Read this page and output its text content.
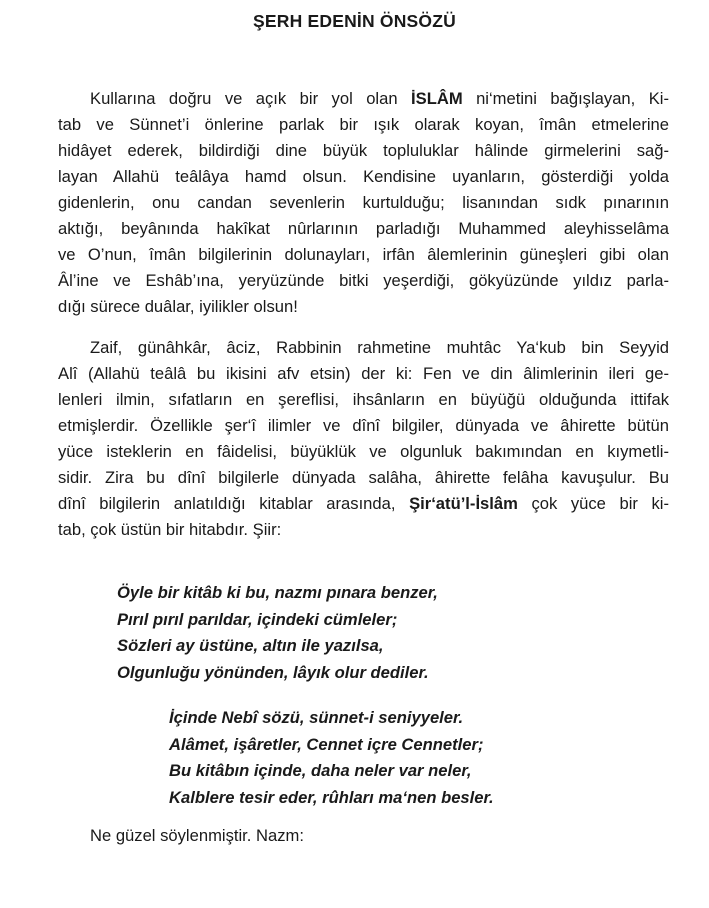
ŞERH EDENİN ÖNSÖZÜ
Kullarına doğru ve açık bir yol olan İSLÂM ni‘metini bağışlayan, Ki-
tab ve Sünnet’i önlerine parlak bir ışık olarak koyan, îmân etmelerine
hidâyet ederek, bildirdiği dine büyük topluluklar hâlinde girmelerini sağ-
layan Allahü teâlâya hamd olsun. Kendisine uyanların, gösterdiği yolda
gidenlerin, onu candan sevenlerin kurtulduğu; lisanından sıdk pınarının
aktığı, beyânında hakîkat nûrlarının parladığı Muhammed aleyhisselâma
ve O’nun, îmân bilgilerinin dolunayları, irfân âlemlerinin güneşleri gibi olan
Âl’ine ve Eshâb’ına, yeryüzünde bitki yeşerdiği, gökyüzünde yıldız parla-
dığı sürece duâlar, iyilikler olsun!
Zaif, günâhkâr, âciz, Rabbinin rahmetine muhtâc Ya‘kub bin Seyyid
Alî (Allahü teâlâ bu ikisini afv etsin) der ki: Fen ve din âlimlerinin ileri ge-
lenleri ilmin, sıfatların en şereflisi, ihsânların en büyüğü olduğunda ittifak
etmişlerdir. Özellikle şer‘î ilimler ve dînî bilgiler, dünyada ve âhirette bütün
yüce isteklerin en fâidelisi, büyüklük ve olgunluk bakımından en kıymetli-
sidir. Zira bu dînî bilgilerle dünyada salâha, âhirette felâha kavuşulur. Bu
dînî bilgilerin anlatıldığı kitablar arasında, Şir‘atü’l-İslâm çok yüce bir ki-
tab, çok üstün bir hitabdır. Şiir:
Öyle bir kitâb ki bu, nazmı pınara benzer,
Pırıl pırıl parıldar, içindeki cümleler;
Sözleri ay üstüne, altın ile yazılsa,
Olgunluğu yönünden, lâyık olur dediler.
İçinde Nebî sözü, sünnet-i seniyyeler.
Alâmet, işâretler, Cennet içre Cennetler;
Bu kitâbın içinde, daha neler var neler,
Kalblere tesir eder, rûhları ma‘nen besler.
Ne güzel söylenmiştir. Nazm:
